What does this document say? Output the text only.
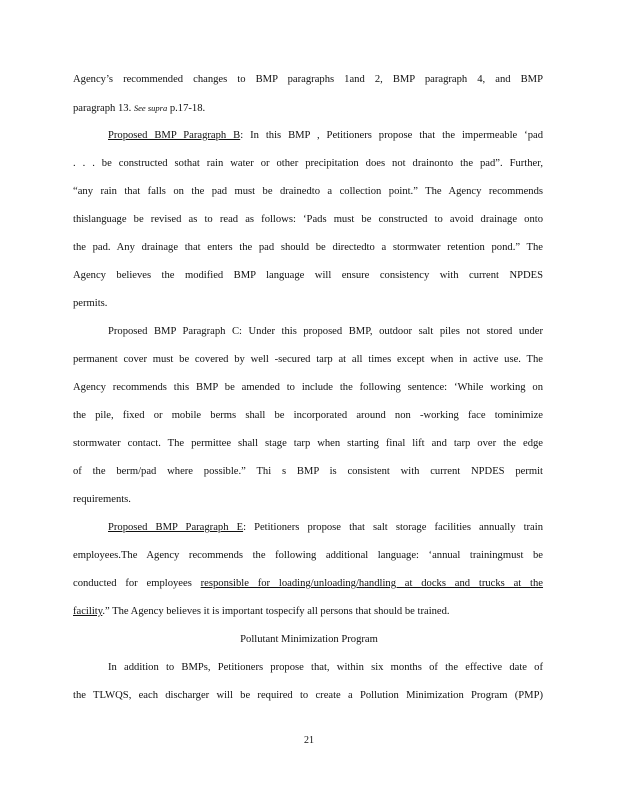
Agency’s recommended changes to BMP paragraphs 1and 2, BMP paragraph 4, and BMP
paragraph 13. See supra p.17-18.
Proposed BMP Paragraph B: In this BMP , Petitioners propose that the impermeable ‘pad
. . . be constructed sothat rain water or other precipitation does not drainonto the pad”. Further,
“any rain that falls on the pad must be drainedto a collection point.” The Agency recommends
thislanguage be revised as to read as follows: ‘Pads must be constructed to avoid drainage onto
the pad. Any drainage that enters the pad should be directedto a stormwater retention pond.” The
Agency believes the modified BMP language will ensure consistency with current NPDES
permits.
Proposed BMP Paragraph C: Under this proposed BMP, outdoor salt piles not stored under
permanent cover must be covered by well -secured tarp at all times except when in active use. The
Agency recommends this BMP be amended to include the following sentence: ‘While working on
the pile, fixed or mobile berms shall be incorporated around non -working face tominimize
stormwater contact. The permittee shall stage tarp when starting final lift and tarp over the edge
of the berm/pad where possible.” Thi s BMP is consistent with current NPDES permit
requirements.
Proposed BMP Paragraph E: Petitioners propose that salt storage facilities annually train
employees.The Agency recommends the following additional language: ‘annual trainingmust be
conducted for employees responsible for loading/unloading/handling at docks and trucks at the
facility.” The Agency believes it is important tospecify all persons that should be trained.
Pollutant Minimization Program
In addition to BMPs, Petitioners propose that, within six months of the effective date of
the TLWQS, each discharger will be required to create a Pollution Minimization Program (PMP)
21
